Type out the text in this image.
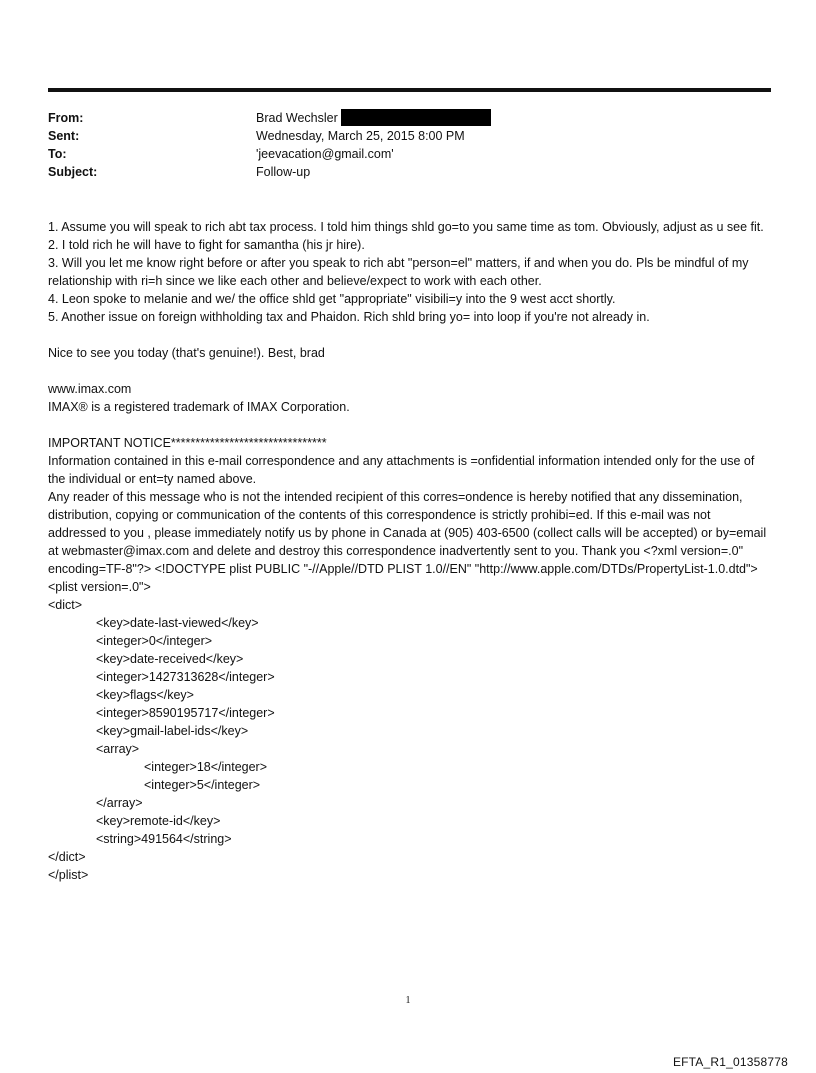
From:	Brad Wechsler
Sent:	Wednesday, March 25, 2015 8:00 PM
To:	'jeevacation@gmail.com'
Subject:	Follow-up

1. Assume you will speak to rich abt tax process. I told him things shld go=to you same time as tom. Obviously, adjust as u see fit.

2. I told rich he will have to fight for samantha (his jr hire).

3. Will you let me know right before or after you speak to rich abt "person=el" matters, if and when you do. Pls be mindful of my relationship with ri=h since we like each other and believe/expect to work with each other.

4. Leon spoke to melanie and we/ the office shld get "appropriate" visibili=y into the 9 west acct shortly.

5. Another issue on foreign withholding tax and Phaidon. Rich shld bring yo= into loop if you're not already in.

Nice to see you today (that's genuine!). Best, brad

www.imax.com

IMAX® is a registered trademark of IMAX Corporation.

IMPORTANT NOTICE********************************

Information contained in this e-mail correspondence and any attachments is =onfidential information intended only for the use of the individual or ent=ty named above.

Any reader of this message who is not the intended recipient of this corres=ondence is hereby notified that any dissemination, distribution, copying or communication of the contents of this correspondence is strictly prohibi=ed. If this e-mail was not addressed to you , please immediately notify us by phone in Canada at (905) 403-6500 (collect calls will be accepted) or by=email at webmaster@imax.com and delete and destroy this correspondence inadvertently sent to you. Thank you <?xml version=.0" encoding=TF-8"?> <!DOCTYPE plist PUBLIC "-//Apple//DTD PLIST 1.0//EN" "http://www.apple.com/DTDs/PropertyList-1.0.dtd">

<plist version=.0">

<dict>

<key>date-last-viewed</key>

<integer>0</integer>

<key>date-received</key>

<integer>1427313628</integer>

<key>flags</key>

<integer>8590195717</integer>

<key>gmail-label-ids</key>

<array>

<integer>18</integer>

<integer>5</integer>

</array>

<key>remote-id</key>

<string>491564</string>

</dict>

</plist>

1
EFTA_R1_01358778
